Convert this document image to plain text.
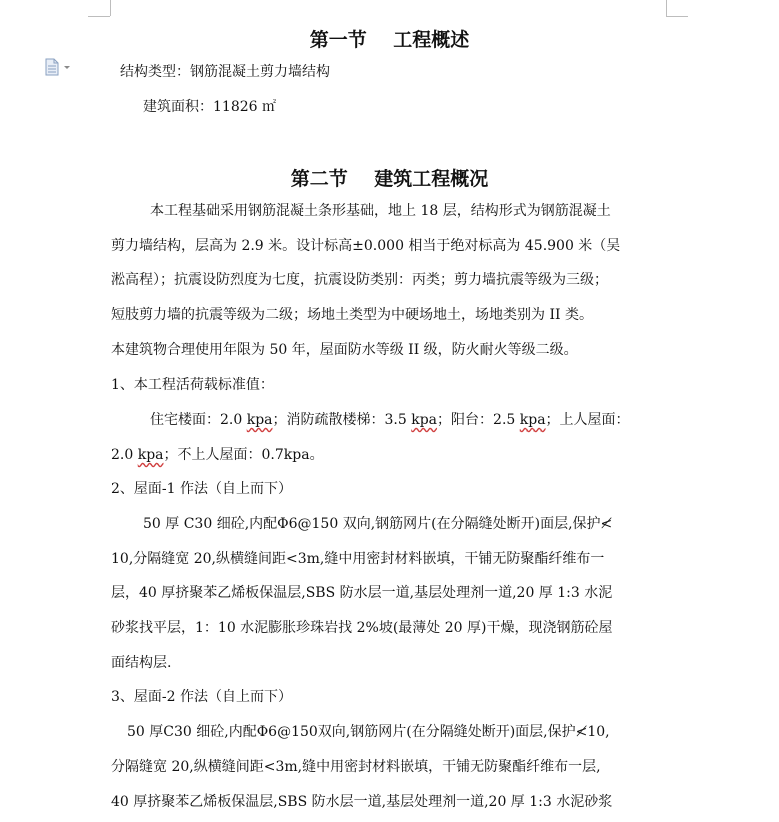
第一节    工程概述
结构类型：钢筋混凝土剪力墙结构
建筑面积：11826 ㎡
第二节    建筑工程概况
本工程基础采用钢筋混凝土条形基础，地上 18 层，结构形式为钢筋混凝土
剪力墙结构，层高为 2.9 米。设计标高±0.000 相当于绝对标高为 45.900 米（吴
淞高程）；抗震设防烈度为七度，抗震设防类别：丙类；剪力墙抗震等级为三级；
短肢剪力墙的抗震等级为二级；场地土类型为中硬场地土，场地类别为 II 类。
本建筑物合理使用年限为 50 年，屋面防水等级 II 级，防火耐火等级二级。
1、本工程活荷载标准值：
住宅楼面：2.0 kpa；消防疏散楼梯：3.5 kpa；阳台：2.5 kpa；上人屋面：
2.0 kpa；不上人屋面：0.7kpa。
2、屋面-1 作法（自上而下）
50 厚 C30 细砼,内配Φ6@150 双向,钢筋网片(在分隔缝处断开)面层,保护≮
10,分隔缝宽 20,纵横缝间距<3m,缝中用密封材料嵌填，干铺无防聚酯纤维布一
层，40 厚挤聚苯乙烯板保温层,SBS 防水层一道,基层处理剂一道,20 厚 1:3 水泥
砂浆找平层，1：10 水泥膨胀珍珠岩找 2%坡(最薄处 20 厚)干燥，现浇钢筋砼屋
面结构层.
3、屋面-2 作法（自上而下）
50 厚C30 细砼,内配Φ6@150双向,钢筋网片(在分隔缝处断开)面层,保护≮10,
分隔缝宽 20,纵横缝间距<3m,缝中用密封材料嵌填，干铺无防聚酯纤维布一层,
40 厚挤聚苯乙烯板保温层,SBS 防水层一道,基层处理剂一道,20 厚 1:3 水泥砂浆
